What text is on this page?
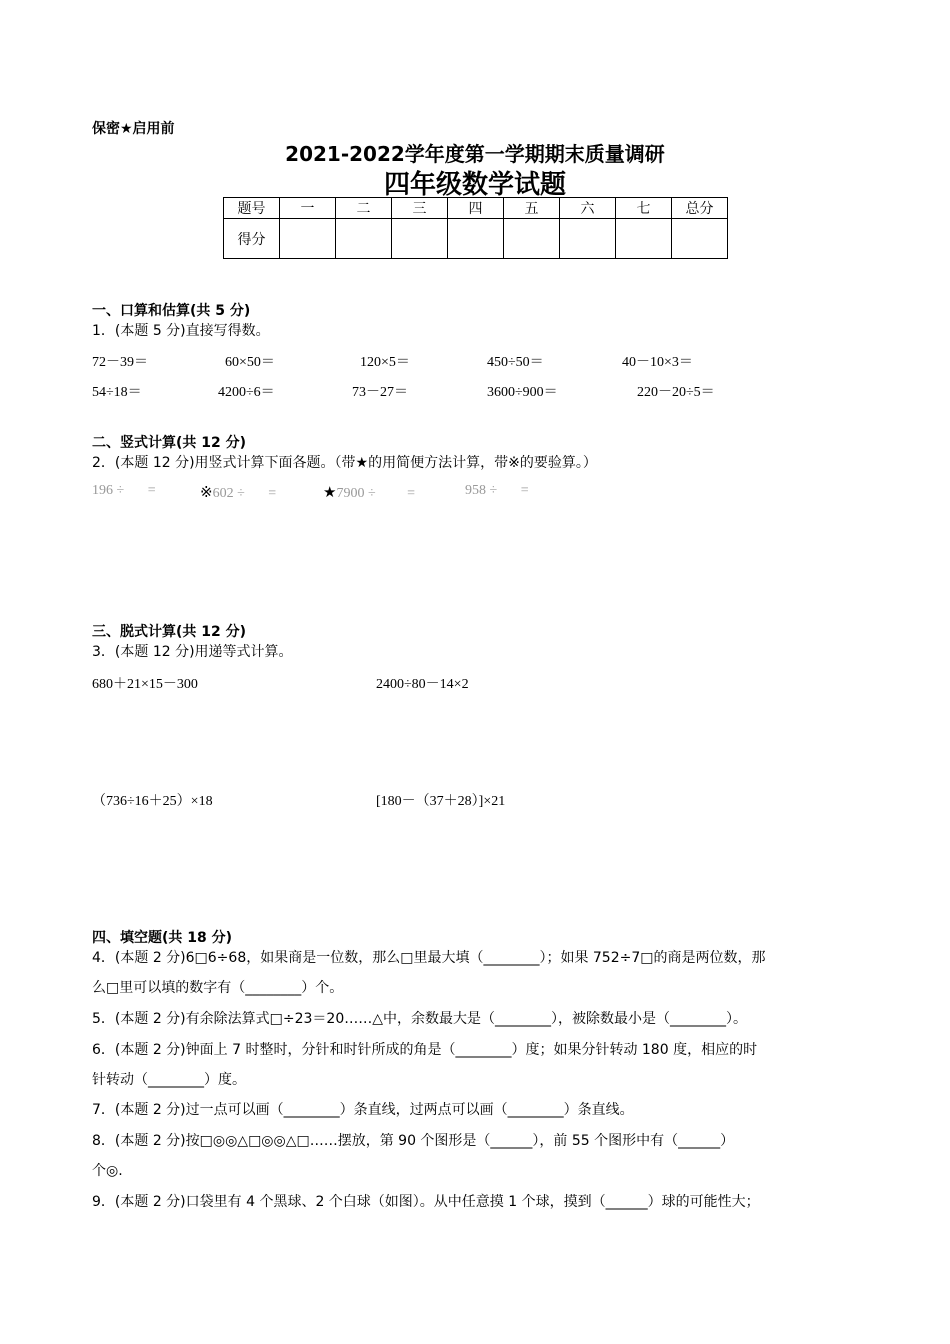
保密★启用前
2021-2022学年度第一学期期末质量调研
四年级数学试题
题号	一	二	三	四	五	六	七	总分
得分								
一、口算和估算(共 5 分)
1．(本题 5 分)直接写得数。
72－39＝	60×50＝	120×5＝	450÷50＝	40－10×3＝
54÷18＝	4200÷6＝	73－27＝	3600÷900＝	220－20÷5＝
二、竖式计算(共 12 分)
2．(本题 12 分)用竖式计算下面各题。（带★的用简便方法计算，带※的要验算。）
196 ÷ =	※602 ÷ =	★7900 ÷ =	958 ÷ =
三、脱式计算(共 12 分)
3．(本题 12 分)用递等式计算。
680＋21×15－300	2400÷80－14×2
（736÷16＋25）×18	[180－（37＋28）]×21
四、填空题(共 18 分)
4．(本题 2 分)6□6÷68，如果商是一位数，那么□里最大填（________）；如果 752÷7□的商是两位数，那
么□里可以填的数字有（________）个。
5．(本题 2 分)有余除法算式□÷23＝20……△中，余数最大是（________），被除数最小是（________）。
6．(本题 2 分)钟面上 7 时整时，分针和时针所成的角是（________）度；如果分针转动 180 度，相应的时
针转动（________）度。
7．(本题 2 分)过一点可以画（________）条直线，过两点可以画（________）条直线。
8．(本题 2 分)按□◎◎△□◎◎△□……摆放，第 90 个图形是（______），前 55 个图形中有（______）
个◎.
9．(本题 2 分)口袋里有 4 个黑球、2 个白球（如图）。从中任意摸 1 个球，摸到（______）球的可能性大；
